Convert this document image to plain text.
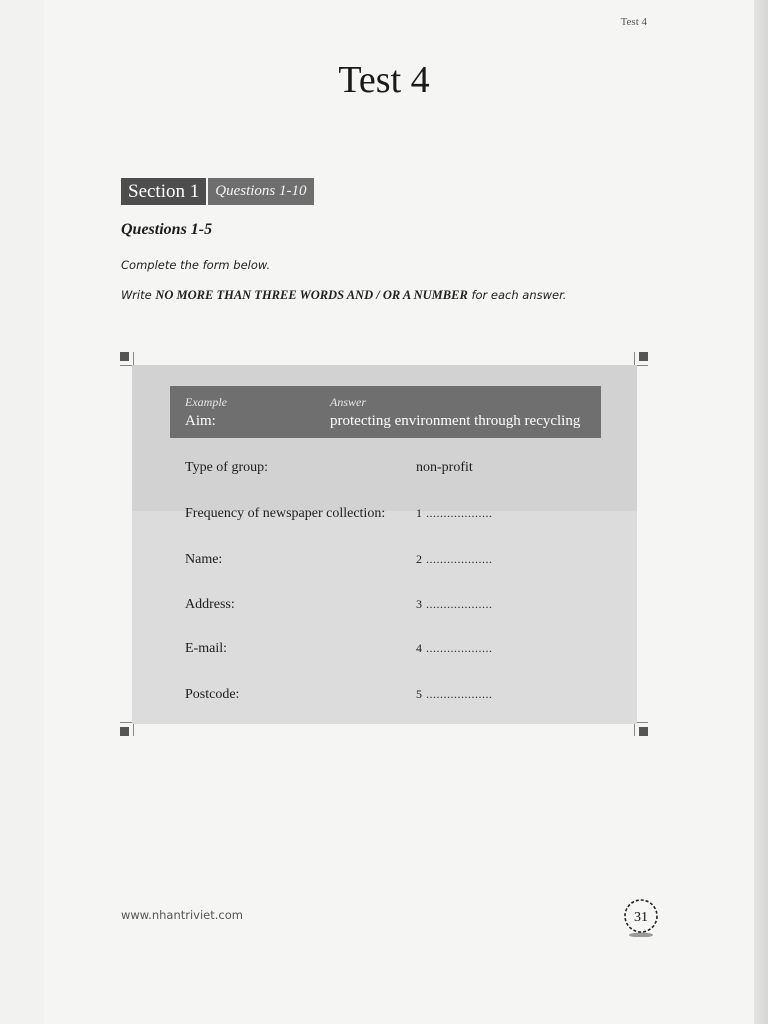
Test 4
Test 4
Section 1	Questions 1-10
Questions 1-5
Complete the form below.
Write NO MORE THAN THREE WORDS AND / OR A NUMBER for each answer.
Example	Answer
Aim:	protecting environment through recycling
Type of group:	non-profit
Frequency of newspaper collection:	1 ...................
Name:	2 ...................
Address:	3 ...................
E-mail:	4 ...................
Postcode:	5 ...................
www.nhantriviet.com	31
